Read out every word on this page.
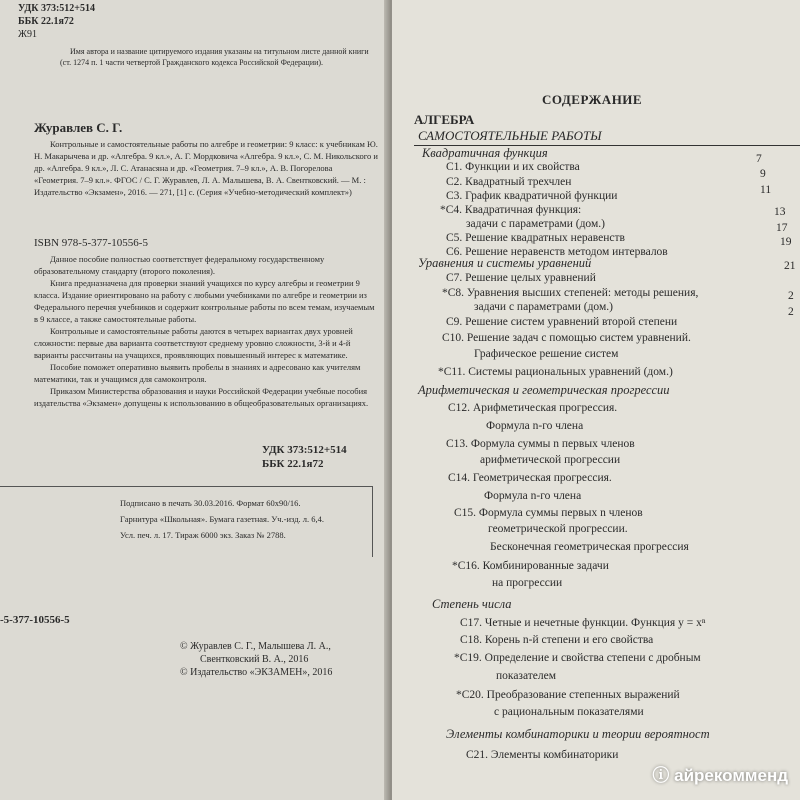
УДК 373:512+514
ББК 22.1я72
Ж91
Имя автора и название цитируемого издания указаны на титульном листе данной книги (ст. 1274 п. 1 части четвертой Гражданского кодекса Российской Федерации).
Журавлев С. Г.
Контрольные и самостоятельные работы по алгебре и геометрии: 9 класс: к учебникам Ю. Н. Макарычева и др. «Алгебра. 9 кл.», А. Г. Мордковича «Алгебра. 9 кл.», С. М. Никольского и др. «Алгебра. 9 кл.», Л. С. Атанасяна и др. «Геометрия. 7–9 кл.», А. В. Погорелова «Геометрия. 7–9 кл.». ФГОС / С. Г. Журавлев, Л. А. Малышева, В. А. Свентковский. — М. : Издательство «Экзамен», 2016. — 271, [1] с. (Серия «Учебно-методический комплект»)
ISBN 978-5-377-10556-5

Данное пособие полностью соответствует федеральному государственному образовательному стандарту (второго поколения).

Книга предназначена для проверки знаний учащихся по курсу алгебры и геометрии 9 класса. Издание ориентировано на работу с любыми учебниками по алгебре и геометрии из Федерального перечня учебников и содержит контрольные работы по всем темам, изучаемым в 9 классе, а также самостоятельные работы.

Контрольные и самостоятельные работы даются в четырех вариантах двух уровней сложности: первые два варианта соответствуют среднему уровню сложности, 3-й и 4-й варианты рассчитаны на учащихся, проявляющих повышенный интерес к математике.

Пособие поможет оперативно выявить пробелы в знаниях и адресовано как учителям математики, так и учащимся для самоконтроля.

Приказом Министерства образования и науки Российской Федерации учебные пособия издательства «Экзамен» допущены к использованию в общеобразовательных организациях.

УДК 373:512+514
ББК 22.1я72
Подписано в печать 30.03.2016. Формат 60х90/16.
Гарнитура «Школьная». Бумага газетная. Уч.-изд. л. 6,4.
Усл. печ. л. 17. Тираж 6000 экз. Заказ № 2788.
-5-377-10556-5
© Журавлев С. Г., Малышева Л. А.,
Свентковский В. А., 2016
© Издательство «ЭКЗАМЕН», 2016
СОДЕРЖАНИЕ
АЛГЕБРА
САМОСТОЯТЕЛЬНЫЕ РАБОТЫ
Квадратичная функция
С1. Функции и их свойства
7
С2. Квадратный трехчлен
9
С3. График квадратичной функции	11
*С4. Квадратичная функция:
задачи с параметрами (дом.)
13
С5. Решение квадратных неравенств
17
С6. Решение неравенств методом интервалов
19
Уравнения и системы уравнений
С7. Решение целых уравнений
21
*С8. Уравнения высших степеней: методы решения,
задачи с параметрами (дом.)
2
С9. Решение систем уравнений второй степени
2
С10. Решение задач с помощью систем уравнений.
Графическое решение систем
*С11. Системы рациональных уравнений (дом.)
Арифметическая и геометрическая прогрессии
С12. Арифметическая прогрессия.
Формула n-го члена
С13. Формула суммы n первых членов
арифметической прогрессии
С14. Геометрическая прогрессия.
Формула n-го члена
С15. Формула суммы первых n членов
геометрической прогрессии.
Бесконечная геометрическая прогрессия
*С16. Комбинированные задачи
на прогрессии
Степень числа
С17. Четные и нечетные функции. Функция y = xⁿ
С18. Корень n-й степени и его свойства
*С19. Определение и свойства степени с дробным
показателем
*С20. Преобразование степенных выражений
с рациональным показателями
Элементы комбинаторики и теории вероятност
С21. Элементы комбинаторики
ⓘ айрекомменд
